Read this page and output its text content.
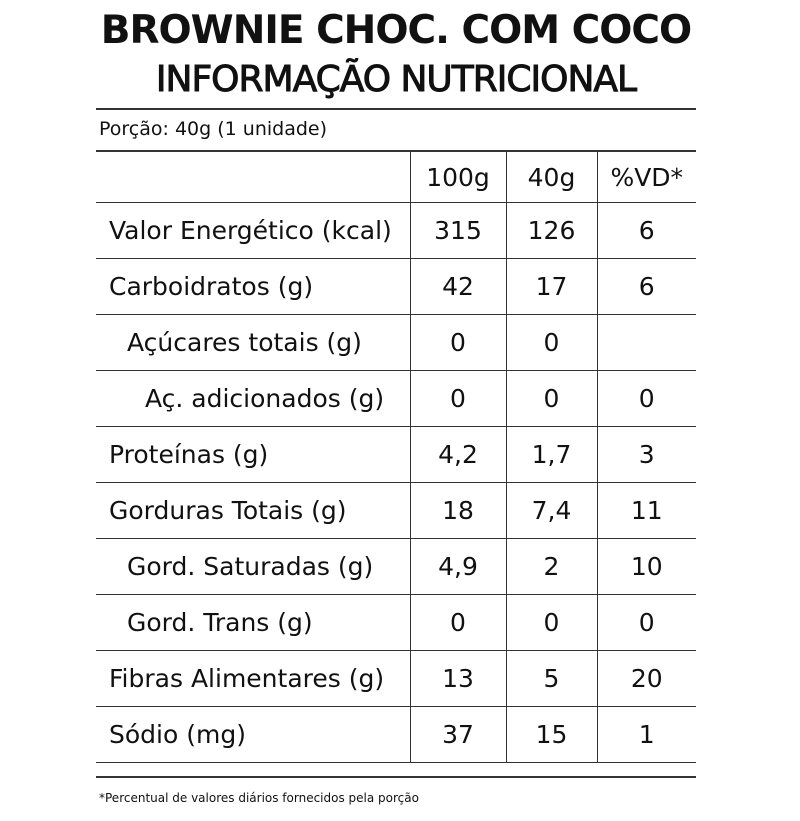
BROWNIE CHOC. COM COCO
INFORMAÇÃO NUTRICIONAL
Porção: 40g (1 unidade)
	100g	40g	%VD*
Valor Energético (kcal)	315	126	6
Carboidratos (g)	42	17	6
Açúcares totais (g)	0	0	
Aç. adicionados (g)	0	0	0
Proteínas (g)	4,2	1,7	3
Gorduras Totais (g)	18	7,4	11
Gord. Saturadas (g)	4,9	2	10
Gord. Trans (g)	0	0	0
Fibras Alimentares (g)	13	5	20
Sódio (mg)	37	15	1
*Percentual de valores diários fornecidos pela porção
